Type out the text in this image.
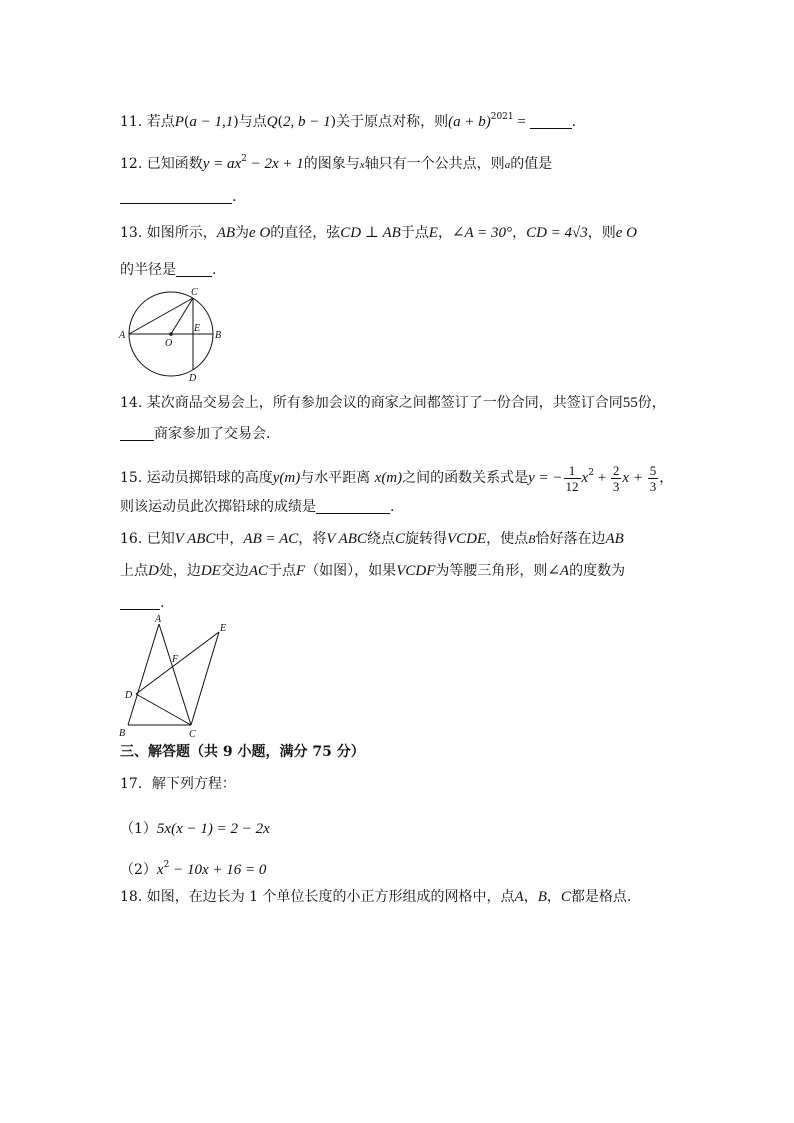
11. 若点P(a − 1,1)与点Q(2, b − 1)关于原点对称，则$(a + b)^{2021}$ =	.
12. 已知函数$y = ax^2 - 2x + 1$的图象与x轴只有一个公共点，则a的值是
.
13. 如图所示，AB为e O的直径，弦CD ⊥ AB于点E，∠A = 30°，CD = 4√3，则e O
的半径是	.
A	B
C
D
E
O
14. 某次商品交易会上，所有参加会议的商家之间都签订了一份合同，共签订合同55份，
商家参加了交易会.
15. 运动员掷铅球的高度y(m)与水平距离 x(m)之间的函数关系式是y = − $\frac{1}{12} x^2 + \frac{2}{3}$ $x + \frac{5}{3}$ ，
则该运动员此次掷铅球的成绩是	.
16. 已知V ABC中，AB = AC，将V ABC绕点C旋转得VCDE，使点B恰好落在边AB
上点D处，边DE交边AC于点F（如图），如果VCDF为等腰三角形，则∠A的度数为
.
A
B	C
D
E
F
三、解答题（共 9 小题，满分 75 分）
17．解下列方程：
（1）5x(x − 1) = 2 − 2x
$(2)x^2 - 10x + 16 = 0$
18. 如图，在边长为 1 个单位长度的小正方形组成的网格中，点A，B，C都是格点.
